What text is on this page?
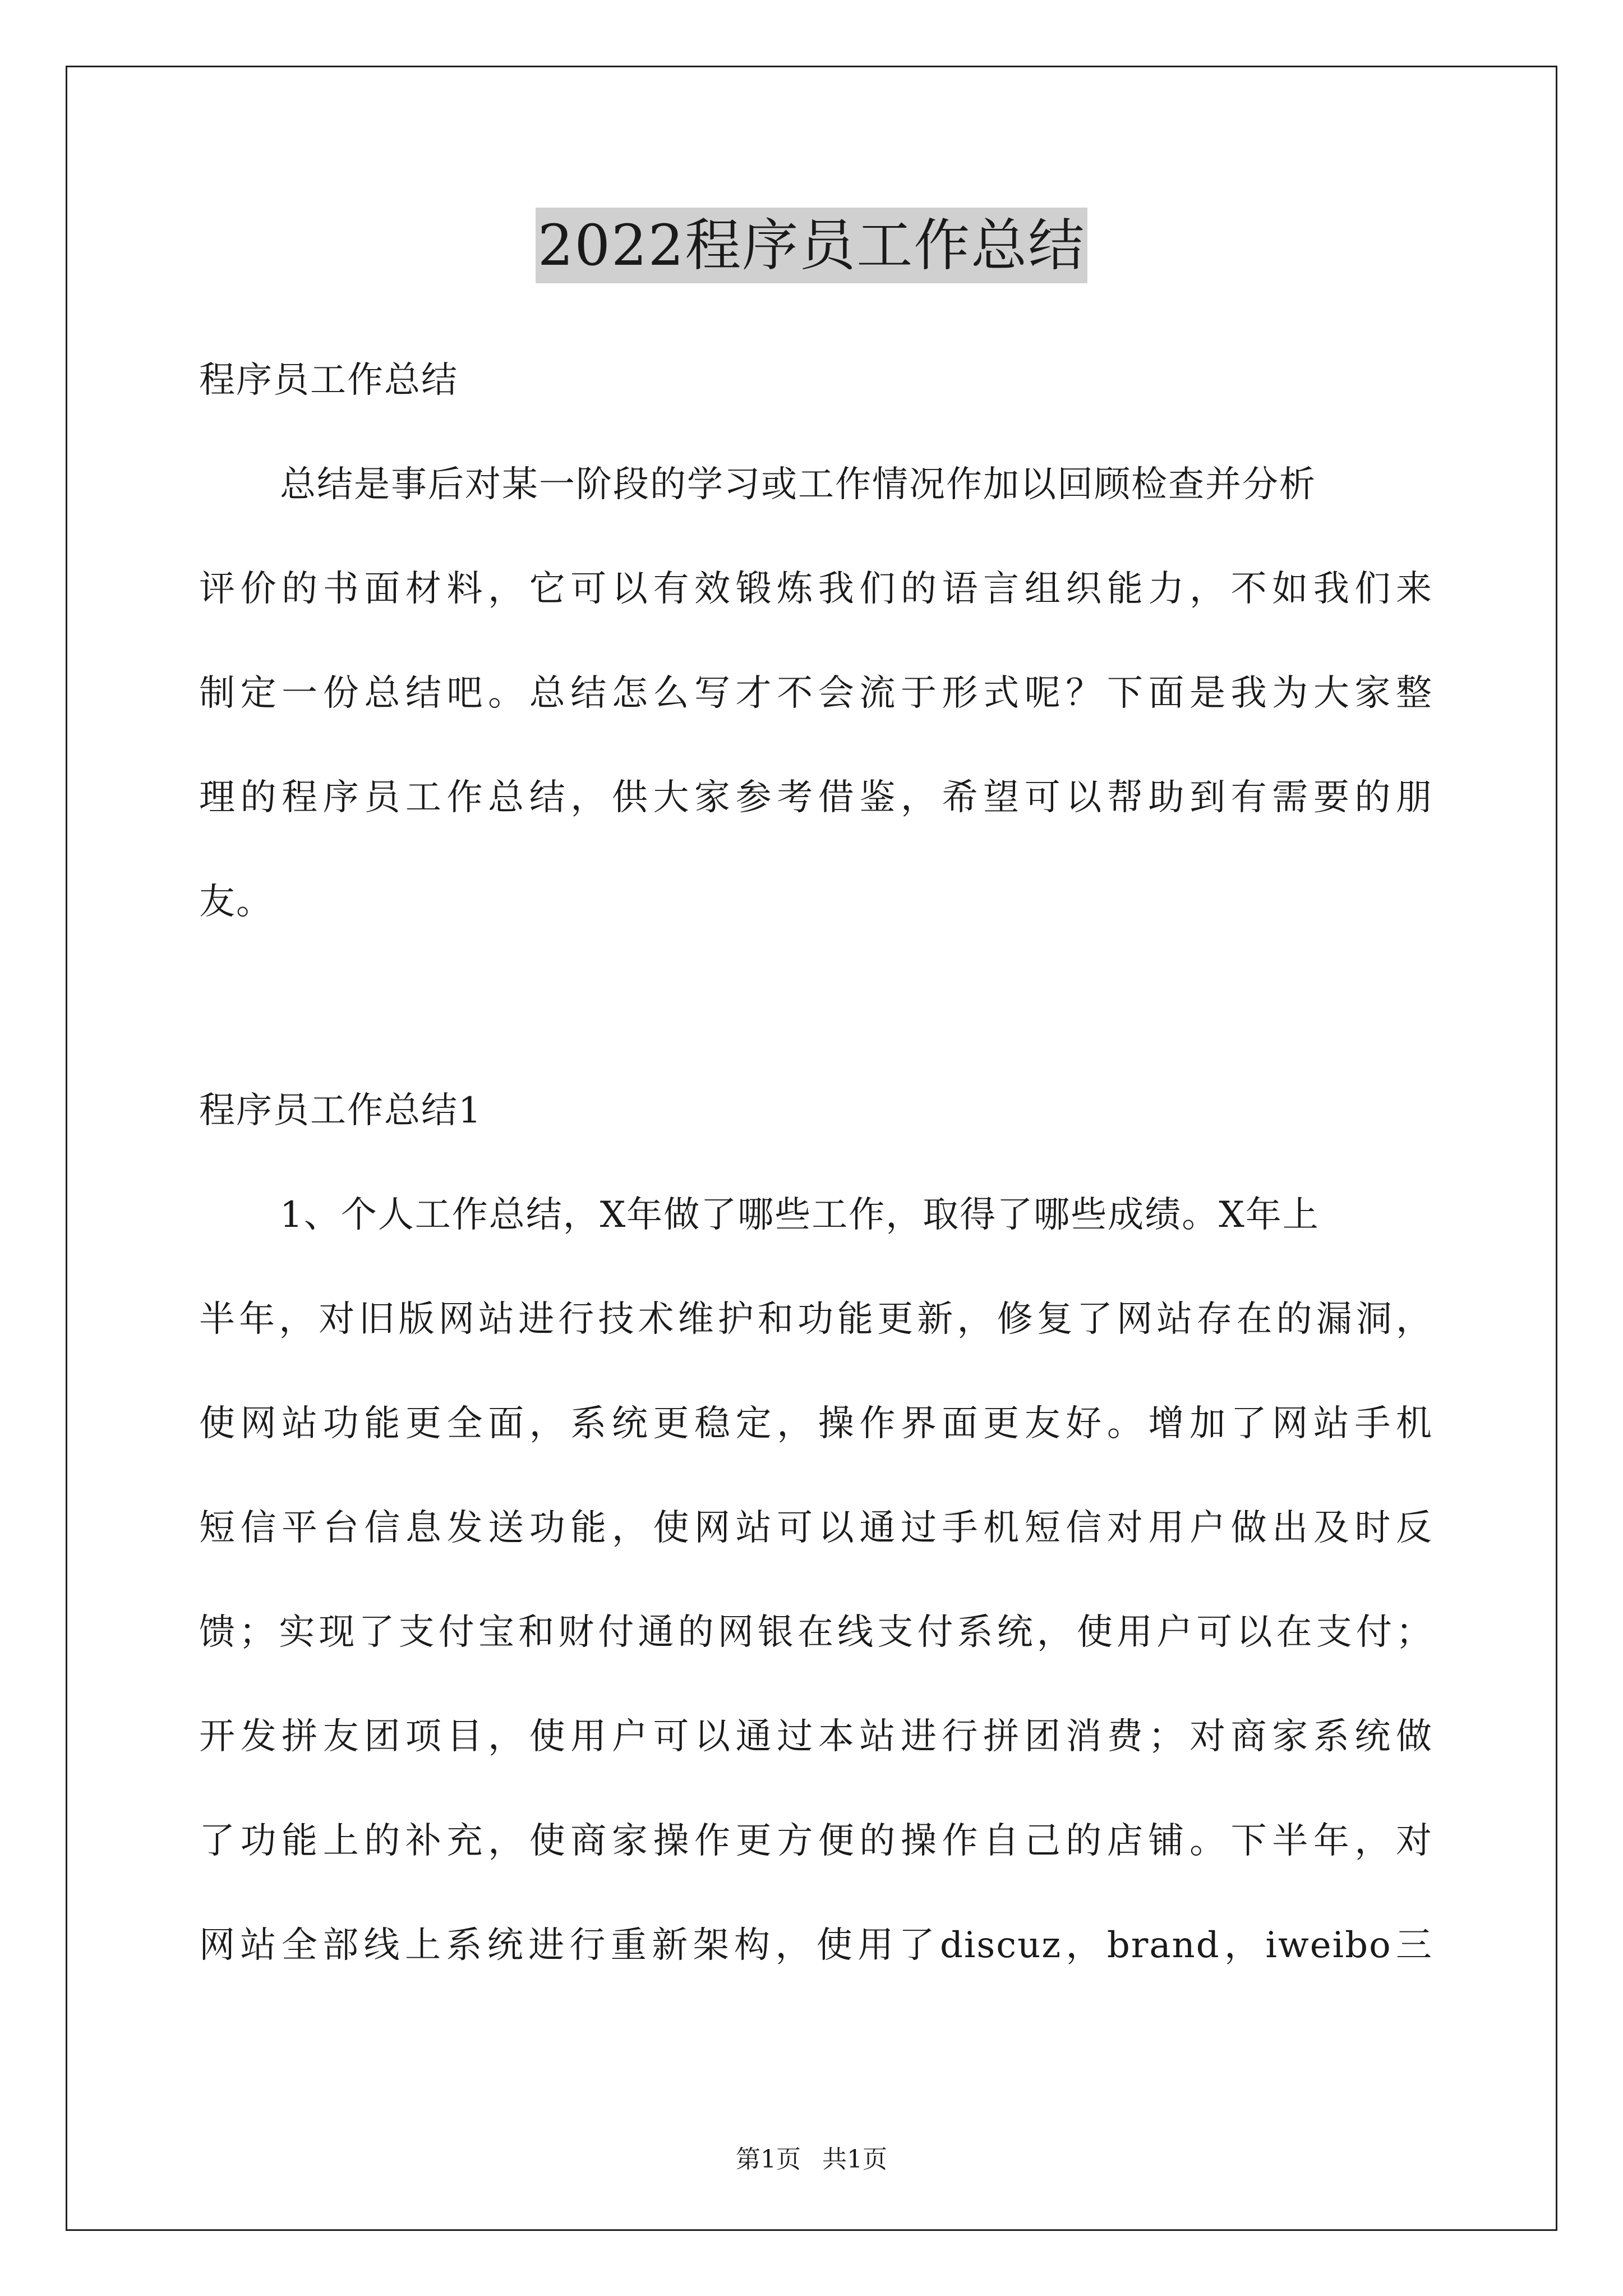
2022程序员工作总结
程序员工作总结
总结是事后对某一阶段的学习或工作情况作加以回顾检查并分析
评价的书面材料，它可以有效锻炼我们的语言组织能力，不如我们来
制定一份总结吧。总结怎么写才不会流于形式呢？下面是我为大家整
理的程序员工作总结，供大家参考借鉴，希望可以帮助到有需要的朋
友。
程序员工作总结1
1、个人工作总结，X年做了哪些工作，取得了哪些成绩。X年上
半年，对旧版网站进行技术维护和功能更新，修复了网站存在的漏洞，
使网站功能更全面，系统更稳定，操作界面更友好。增加了网站手机
短信平台信息发送功能，使网站可以通过手机短信对用户做出及时反
馈；实现了支付宝和财付通的网银在线支付系统，使用户可以在支付；
开发拼友团项目，使用户可以通过本站进行拼团消费；对商家系统做
了功能上的补充，使商家操作更方便的操作自己的店铺。下半年，对
网站全部线上系统进行重新架构，使用了discuz，brand，iweibo三
第1页 共1页
